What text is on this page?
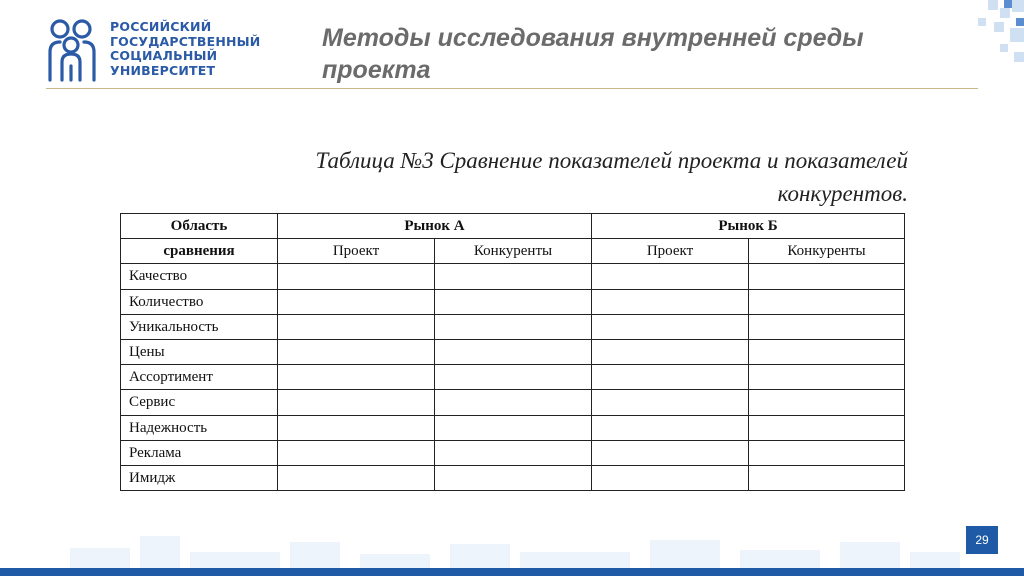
РОССИЙСКИЙ
ГОСУДАРСТВЕННЫЙ
СОЦИАЛЬНЫЙ
УНИВЕРСИТЕТ
Методы исследования внутренней среды проекта
Таблица №3 Сравнение показателей проекта и показателей
конкурентов.
Область	Рынок А		Рынок Б	
сравнения	Проект	Конкуренты	Проект	Конкуренты
Качество				
Количество				
Уникальность				
Цены				
Ассортимент				
Сервис				
Надежность				
Реклама				
Имидж				
29
